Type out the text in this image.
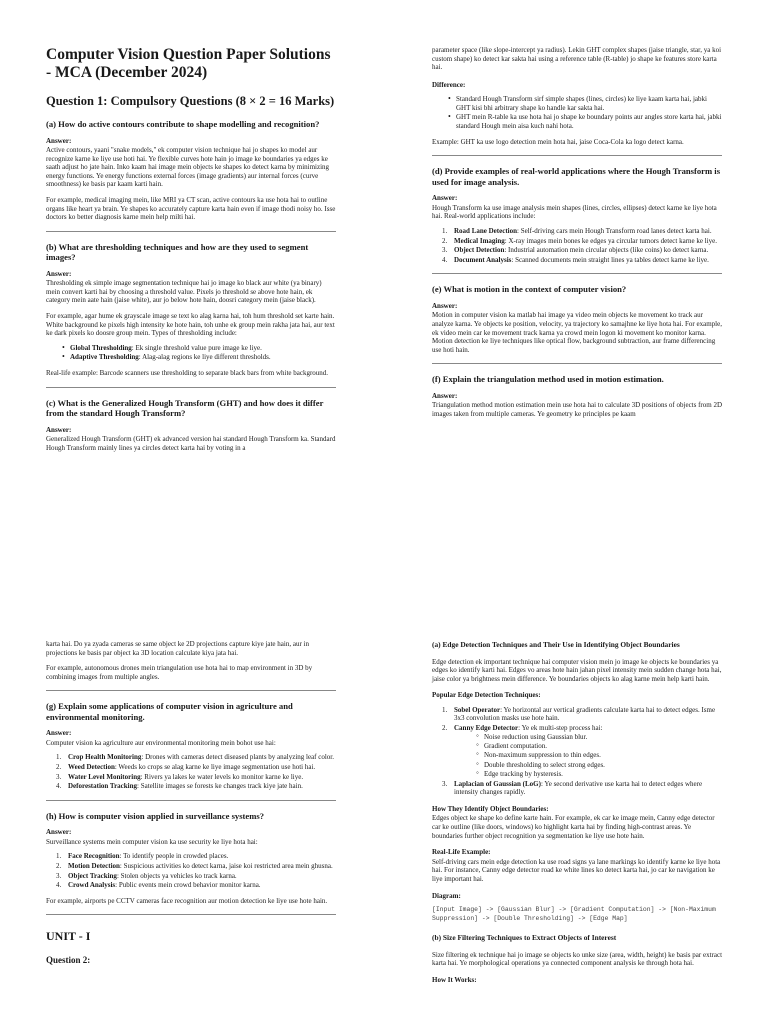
Computer Vision Question Paper Solutions - MCA (December 2024)
Question 1: Compulsory Questions (8 × 2 = 16 Marks)
(a) How do active contours contribute to shape modelling and recognition?
Answer:
Active contours, yaani "snake models," ek computer vision technique hai jo shapes ko model aur recognize karne ke liye use hoti hai. Ye flexible curves hote hain jo image ke boundaries ya edges ke saath adjust ho jate hain. Inko kaam hai image mein objects ke shapes ko detect karna by minimizing energy functions. Ye energy functions external forces (image gradients) aur internal forces (curve smoothness) ke basis par kaam karti hain.
For example, medical imaging mein, like MRI ya CT scan, active contours ka use hota hai to outline organs like heart ya brain. Ye shapes ko accurately capture karta hain even if image thodi noisy ho. Isse doctors ko better diagnosis karne mein help milti hai.
(b) What are thresholding techniques and how are they used to segment images?
Answer:
Thresholding ek simple image segmentation technique hai jo image ko black aur white (ya binary) mein convert karti hai by choosing a threshold value. Pixels jo threshold se above hote hain, ek category mein aate hain (jaise white), aur jo below hote hain, doosri category mein (jaise black).
For example, agar hume ek grayscale image se text ko alag karna hai, toh hum threshold set karte hain. White background ke pixels high intensity ke hote hain, toh unhe ek group mein rakha jata hai, aur text ke dark pixels ko doosre group mein. Types of thresholding include:
• Global Thresholding: Ek single threshold value pure image ke liye.
• Adaptive Thresholding: Alag-alag regions ke liye different thresholds.
Real-life example: Barcode scanners use thresholding to separate black bars from white background.
(c) What is the Generalized Hough Transform (GHT) and how does it differ from the standard Hough Transform?
Answer:
Generalized Hough Transform (GHT) ek advanced version hai standard Hough Transform ka. Standard Hough Transform mainly lines ya circles detect karta hai by voting in a
parameter space (like slope-intercept ya radius). Lekin GHT complex shapes (jaise triangle, star, ya koi custom shape) ko detect kar sakta hai using a reference table (R-table) jo shape ke features store karta hai.
Difference:
• Standard Hough Transform sirf simple shapes (lines, circles) ke liye kaam karta hai, jabki GHT kisi bhi arbitrary shape ko handle kar sakta hai.
• GHT mein R-table ka use hota hai jo shape ke boundary points aur angles store karta hai, jabki standard Hough mein aisa kuch nahi hota.
Example: GHT ka use logo detection mein hota hai, jaise Coca-Cola ka logo detect karna.
(d) Provide examples of real-world applications where the Hough Transform is used for image analysis.
Answer:
Hough Transform ka use image analysis mein shapes (lines, circles, ellipses) detect karne ke liye hota hai. Real-world applications include:
1. Road Lane Detection: Self-driving cars mein Hough Transform road lanes detect karta hai.
2. Medical Imaging: X-ray images mein bones ke edges ya circular tumors detect karne ke liye.
3. Object Detection: Industrial automation mein circular objects (like coins) ko detect karna.
4. Document Analysis: Scanned documents mein straight lines ya tables detect karne ke liye.
(e) What is motion in the context of computer vision?
Answer:
Motion in computer vision ka matlab hai image ya video mein objects ke movement ko track aur analyze karna. Ye objects ke position, velocity, ya trajectory ko samajhne ke liye hota hai. For example, ek video mein car ke movement track karna ya crowd mein logon ki movement ko monitor karna. Motion detection ke liye techniques like optical flow, background subtraction, aur frame differencing use hoti hain.
(f) Explain the triangulation method used in motion estimation.
Answer:
Triangulation method motion estimation mein use hota hai to calculate 3D positions of objects from 2D images taken from multiple cameras. Ye geometry ke principles pe kaam
karta hai. Do ya zyada cameras se same object ke 2D projections capture kiye jate hain, aur in projections ke basis par object ka 3D location calculate kiya jata hai.
For example, autonomous drones mein triangulation use hota hai to map environment in 3D by combining images from multiple angles.
(g) Explain some applications of computer vision in agriculture and environmental monitoring.
Answer:
Computer vision ka agriculture aur environmental monitoring mein bohot use hai:
1. Crop Health Monitoring: Drones with cameras detect diseased plants by analyzing leaf color.
2. Weed Detection: Weeds ko crops se alag karne ke liye image segmentation use hoti hai.
3. Water Level Monitoring: Rivers ya lakes ke water levels ko monitor karne ke liye.
4. Deforestation Tracking: Satellite images se forests ke changes track kiye jate hain.
(h) How is computer vision applied in surveillance systems?
Answer:
Surveillance systems mein computer vision ka use security ke liye hota hai:
1. Face Recognition: To identify people in crowded places.
2. Motion Detection: Suspicious activities ko detect karna, jaise koi restricted area mein ghusna.
3. Object Tracking: Stolen objects ya vehicles ko track karna.
4. Crowd Analysis: Public events mein crowd behavior monitor karna.
For example, airports pe CCTV cameras face recognition aur motion detection ke liye use hote hain.
UNIT - I
Question 2:
(a) Edge Detection Techniques and Their Use in Identifying Object Boundaries
Edge detection ek important technique hai computer vision mein jo image ke objects ke boundaries ya edges ko identify karti hai. Edges vo areas hote hain jahan pixel intensity mein sudden change hota hai, jaise color ya brightness mein difference. Ye boundaries objects ko alag karne mein help karti hain.
Popular Edge Detection Techniques:
1. Sobel Operator: Ye horizontal aur vertical gradients calculate karta hai to detect edges. Isme 3x3 convolution masks use hote hain.
2. Canny Edge Detector: Ye ek multi-step process hai:
◦ Noise reduction using Gaussian blur.
◦ Gradient computation.
◦ Non-maximum suppression to thin edges.
◦ Double thresholding to select strong edges.
◦ Edge tracking by hysteresis.
3. Laplacian of Gaussian (LoG): Ye second derivative use karta hai to detect edges where intensity changes rapidly.
How They Identify Object Boundaries:
Edges object ke shape ko define karte hain. For example, ek car ke image mein, Canny edge detector car ke outline (like doors, windows) ko highlight karta hai by finding high-contrast areas. Ye boundaries further object recognition ya segmentation ke liye use hote hain.
Real-Life Example:
Self-driving cars mein edge detection ka use road signs ya lane markings ko identify karne ke liye hota hai. For instance, Canny edge detector road ke white lines ko detect karta hai, jo car ke navigation ke liye important hai.
Diagram:
[Input Image] -> [Gaussian Blur] -> [Gradient Computation] -> [Non-Maximum Suppression] -> [Double Thresholding] -> [Edge Map]
(b) Size Filtering Techniques to Extract Objects of Interest
Size filtering ek technique hai jo image se objects ko unke size (area, width, height) ke basis par extract karta hai. Ye morphological operations ya connected component analysis ke through hota hai.
How It Works:
